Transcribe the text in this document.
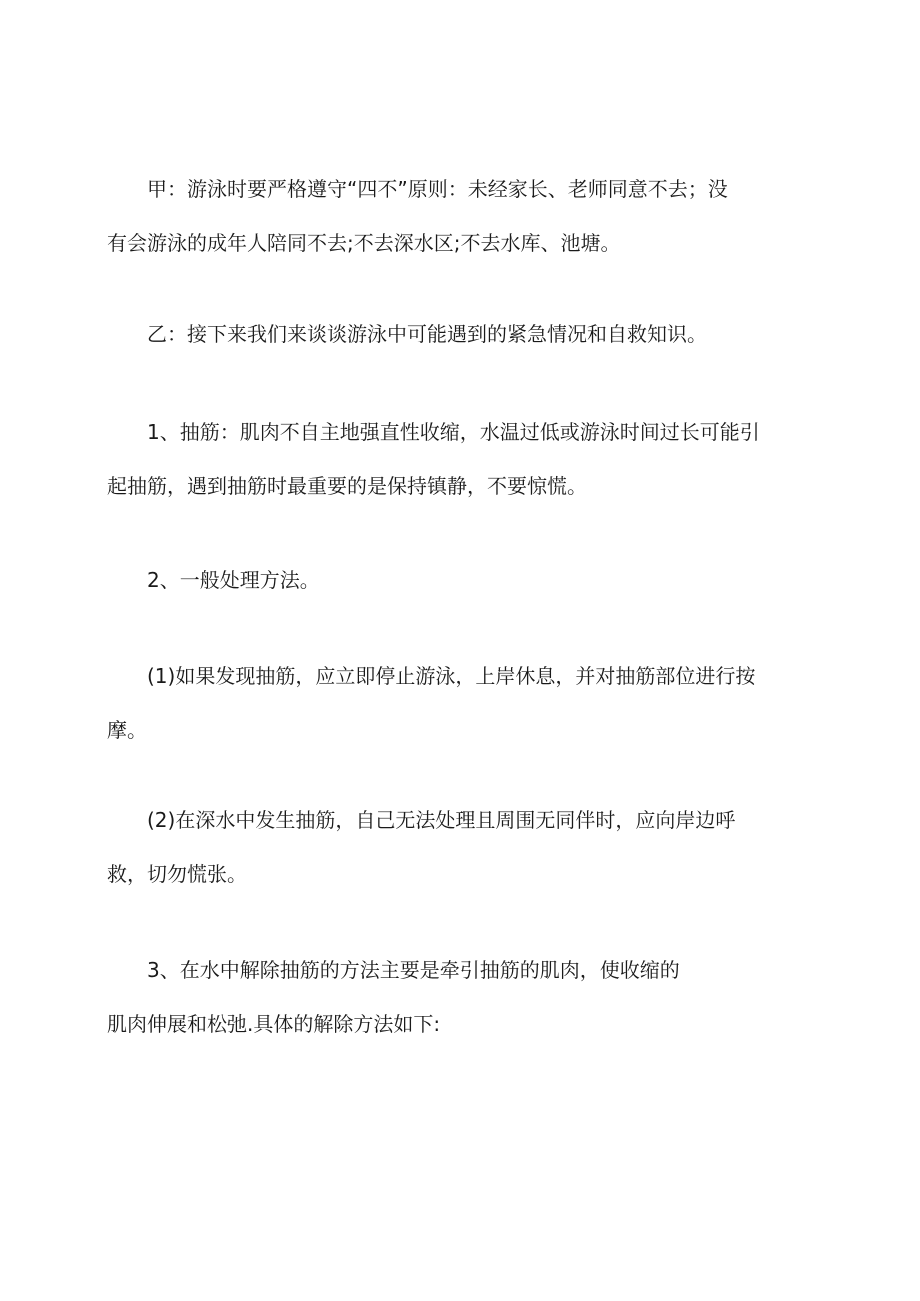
甲：游泳时要严格遵守“四不”原则：未经家长、老师同意不去；没
有会游泳的成年人陪同不去;不去深水区;不去水库、池塘。

乙：接下来我们来谈谈游泳中可能遇到的紧急情况和自救知识。

1、抽筋：肌肉不自主地强直性收缩，水温过低或游泳时间过长可能引
起抽筋，遇到抽筋时最重要的是保持镇静，不要惊慌。

2、一般处理方法。

(1)如果发现抽筋，应立即停止游泳，上岸休息，并对抽筋部位进行按
摩。

(2)在深水中发生抽筋，自己无法处理且周围无同伴时，应向岸边呼
救，切勿慌张。

3、在水中解除抽筋的方法主要是牵引抽筋的肌肉，使收缩的
肌肉伸展和松弛.具体的解除方法如下:
